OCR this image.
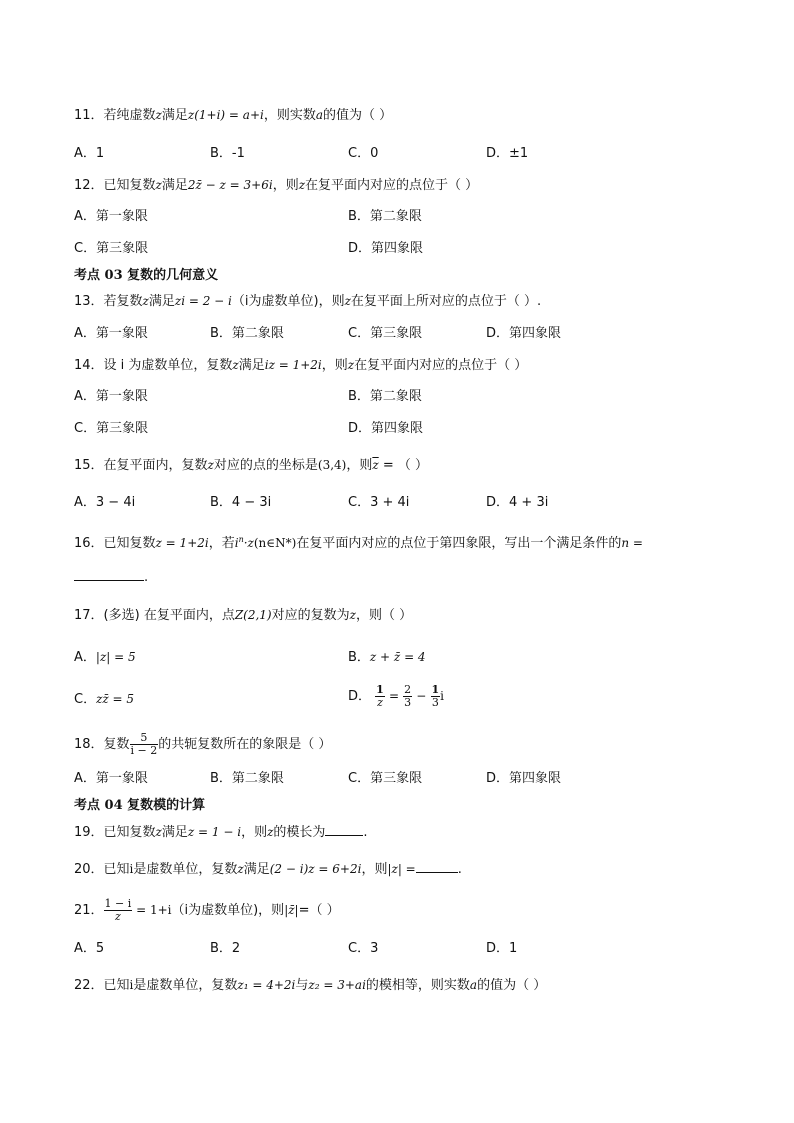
11．若纯虚数z满足z(1+i) = a+i，则实数a的值为（ ）
A．1	B．-1	C．0	D．±1
12．已知复数z满足2z̄ − z = 3+6i，则z在复平面内对应的点位于（ ）
A．第一象限	B．第二象限
C．第三象限	D．第四象限
考点 03 复数的几何意义
13．若复数z满足zi = 2 − i（i为虚数单位)，则z在复平面上所对应的点位于（ ）.
A．第一象限	B．第二象限	C．第三象限	D．第四象限
14．设 i 为虚数单位，复数z满足iz = 1+2i，则z在复平面内对应的点位于（ ）
A．第一象限	B．第二象限
C．第三象限	D．第四象限
15．在复平面内，复数z对应的点的坐标是(3,4)，则$\overline{z}$ = （ ）
A．3 − 4i	B．4 − 3i	C．3 + 4i	D．4 + 3i
16．已知复数z = 1+2i，若$i^n\cdot z(n\in N*)$在复平面内对应的点位于第四象限，写出一个满足条件的n =
.
17．(多选) 在复平面内，点Z(2,1)对应的复数为z，则（ ）
A．|z| = 5	B．z + z̄ = 4
C．zz̄ = 5	D． $\frac{1}{z} = \frac{2}{3} - \frac{1}{3}$ i
18．复数 $\frac{5}{i - 2}$ 的共轭复数所在的象限是（ ）
A．第一象限	B．第二象限	C．第三象限	D．第四象限
考点 04 复数模的计算
19．已知复数z满足z = 1 − i，则z的模长为	.
20．已知i是虚数单位，复数z满足(2 − i)z = 6+2i，则|z| =	.
21． $\frac{1 - i}{z} = 1+i(i$为虚数单位)，则|z̄|=（ ）
A．5	B．2	C．3	D．1
22．已知i是虚数单位，复数z₁ = 4+2i与z₂ = 3+ai的模相等，则实数a的值为（ ）
